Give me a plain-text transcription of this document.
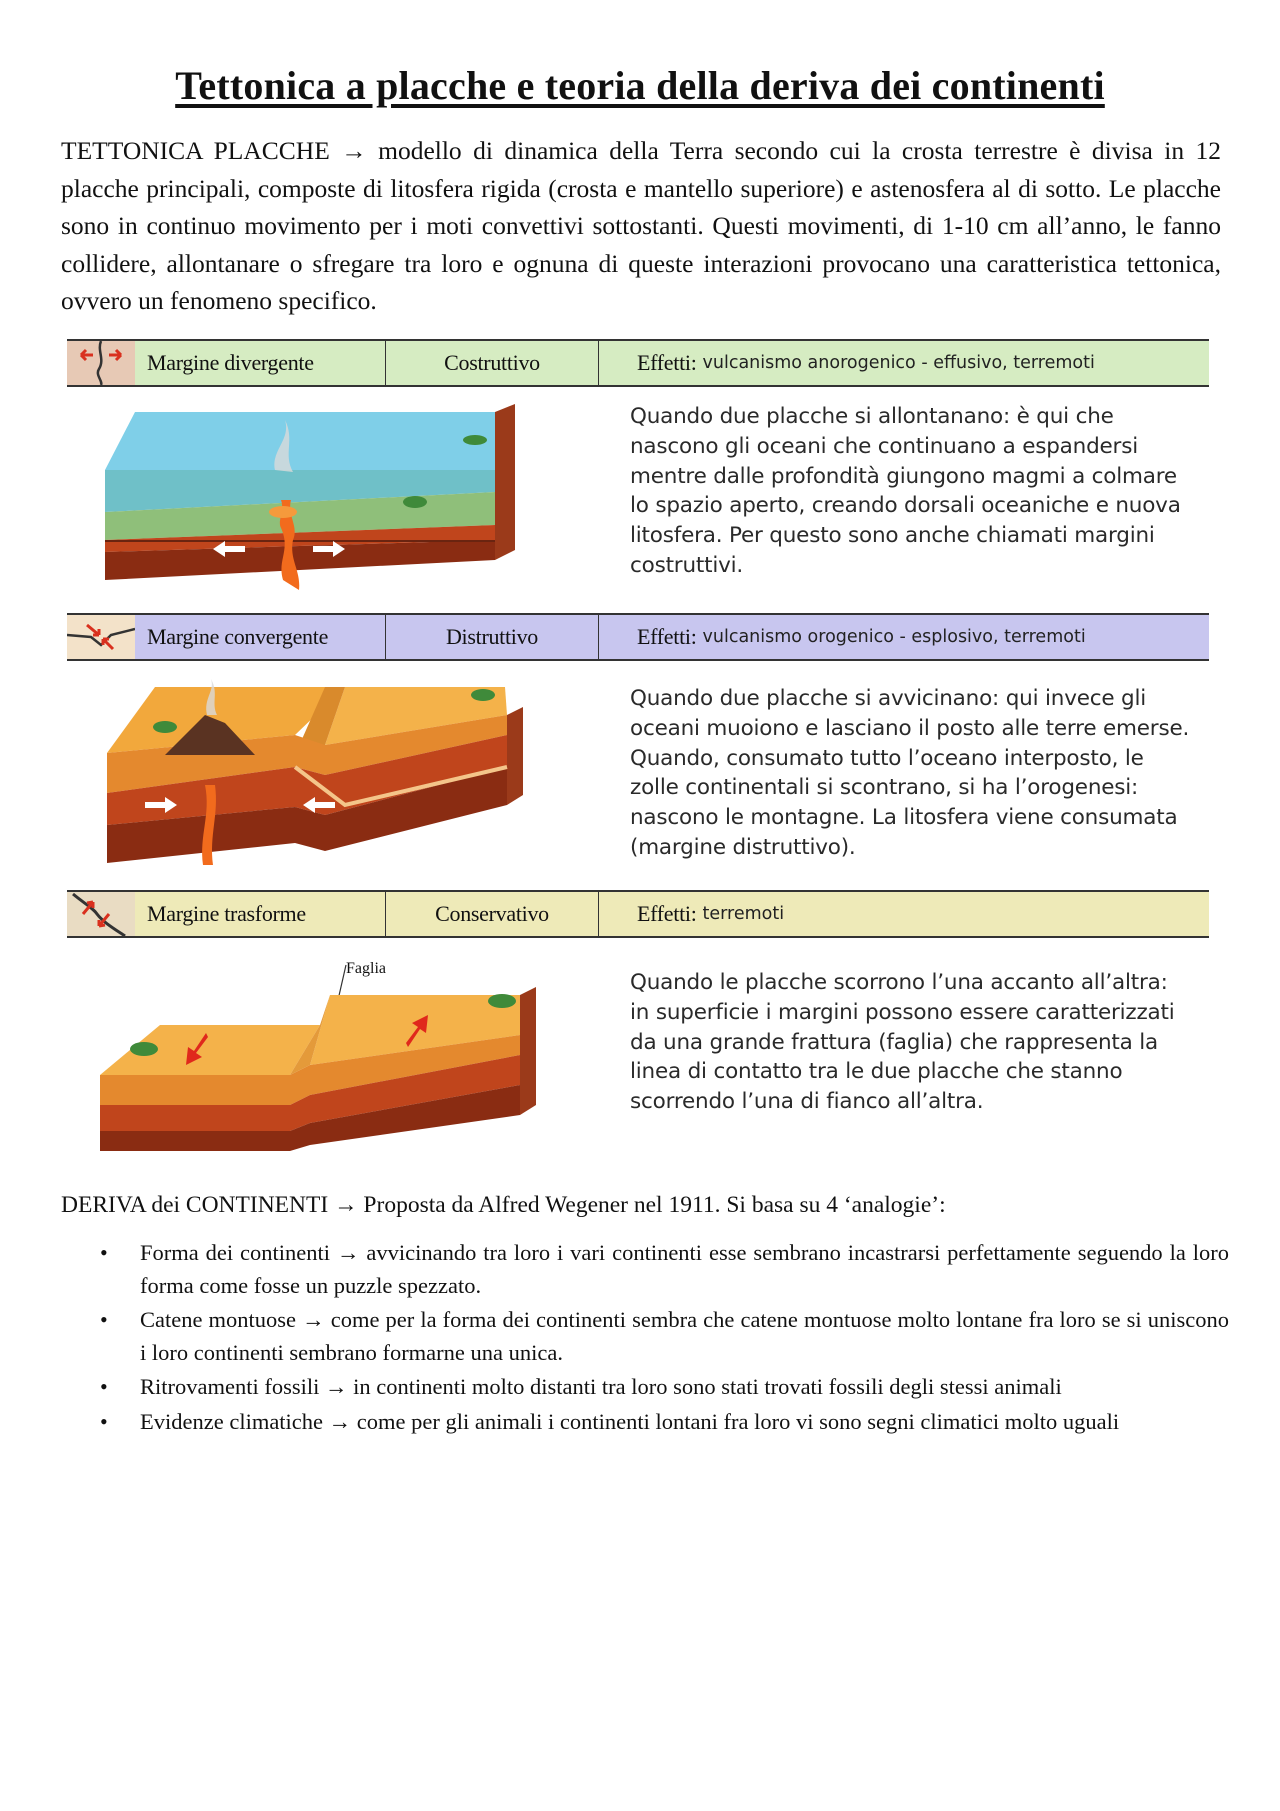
Tettonica a placche e teoria della deriva dei continenti
TETTONICA PLACCHE → modello di dinamica della Terra secondo cui la crosta terrestre è divisa in 12 placche principali, composte di litosfera rigida (crosta e mantello superiore) e astenosfera al di sotto. Le placche sono in continuo movimento per i moti convettivi sottostanti. Questi movimenti, di 1-10 cm all’anno, le fanno collidere, allontanare o sfregare tra loro e ognuna di queste interazioni provocano una caratteristica tettonica, ovvero un fenomeno specifico.
Margine divergente	Costruttivo	Effetti: vulcanismo anorogenico - effusivo, terremoti
Quando due placche si allontanano: è qui che nascono gli oceani che continuano a espandersi mentre dalle profondità giungono magmi a colmare lo spazio aperto, creando dorsali oceaniche e nuova litosfera. Per questo sono anche chiamati margini costruttivi.
Margine convergente	Distruttivo	Effetti: vulcanismo orogenico - esplosivo, terremoti
Quando due placche si avvicinano: qui invece gli oceani muoiono e lasciano il posto alle terre emerse. Quando, consumato tutto l’oceano interposto, le zolle continentali si scontrano, si ha l’orogenesi: nascono le montagne. La litosfera viene consumata (margine distruttivo).
Margine trasforme	Conservativo	Effetti: terremoti
Faglia
Quando le placche scorrono l’una accanto all’altra: in superficie i margini possono essere caratterizzati da una grande frattura (faglia) che rappresenta la linea di contatto tra le due placche che stanno scorrendo l’una di fianco all’altra.
DERIVA dei CONTINENTI → Proposta da Alfred Wegener nel 1911. Si basa su 4 ‘analogie’:
• Forma dei continenti → avvicinando tra loro i vari continenti esse sembrano incastrarsi perfettamente seguendo la loro forma come fosse un puzzle spezzato.
• Catene montuose → come per la forma dei continenti sembra che catene montuose molto lontane fra loro se si uniscono i loro continenti sembrano formarne una unica.
• Ritrovamenti fossili → in continenti molto distanti tra loro sono stati trovati fossili degli stessi animali
• Evidenze climatiche → come per gli animali i continenti lontani fra loro vi sono segni climatici molto uguali
